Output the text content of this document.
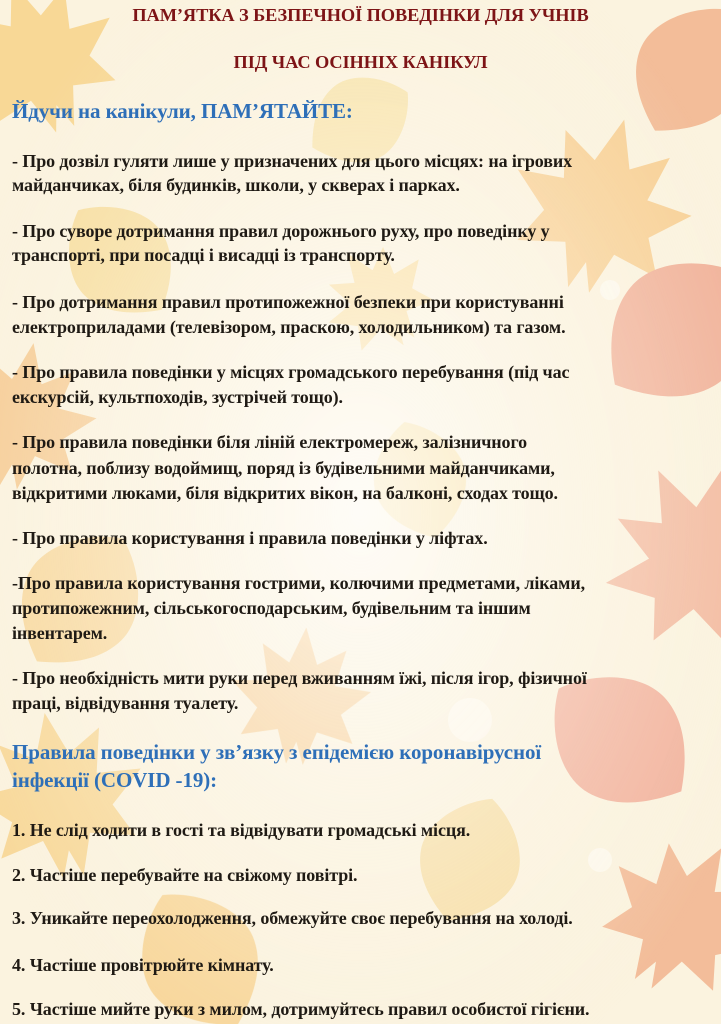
ПАМ’ЯТКА З БЕЗПЕЧНОЇ ПОВЕДІНКИ ДЛЯ УЧНІВ

ПІД ЧАС ОСІННІХ КАНІКУЛ

Йдучи на канікули, ПАМ’ЯТАЙТЕ:

- Про дозвіл гуляти лише у призначених для цього місцях: на ігрових

майданчиках, біля будинків, школи, у скверах і парках.

- Про суворе дотримання правил дорожнього руху, про поведінку у

транспорті, при посадці і висадці із транспорту.

- Про дотримання правил протипожежної безпеки при користуванні

електроприладами (телевізором, праскою, холодильником) та газом.

- Про правила поведінки у місцях громадського перебування (під час

екскурсій, культпоходів, зустрічей тощо).

- Про правила поведінки біля ліній електромереж, залізничного

полотна, поблизу водоймищ, поряд із будівельними майданчиками,

відкритими люками, біля відкритих вікон, на балконі, сходах тощо.

- Про правила користування і правила поведінки у ліфтах.

-Про правила користування гострими, колючими предметами, ліками,

протипожежним, сільськогосподарським, будівельним та іншим

інвентарем.

- Про необхідність мити руки перед вживанням їжі, після ігор, фізичної

праці, відвідування туалету.

Правила поведінки у зв’язку з епідемією коронавірусної

інфекції (COVID -19):

1. Не слід ходити в гості та відвідувати громадські місця.

2. Частіше перебувайте на свіжому повітрі.

3. Уникайте переохолодження, обмежуйте своє перебування на холоді.

4. Частіше провітрюйте кімнату.

5. Частіше мийте руки з милом, дотримуйтесь правил особистої гігієни.
